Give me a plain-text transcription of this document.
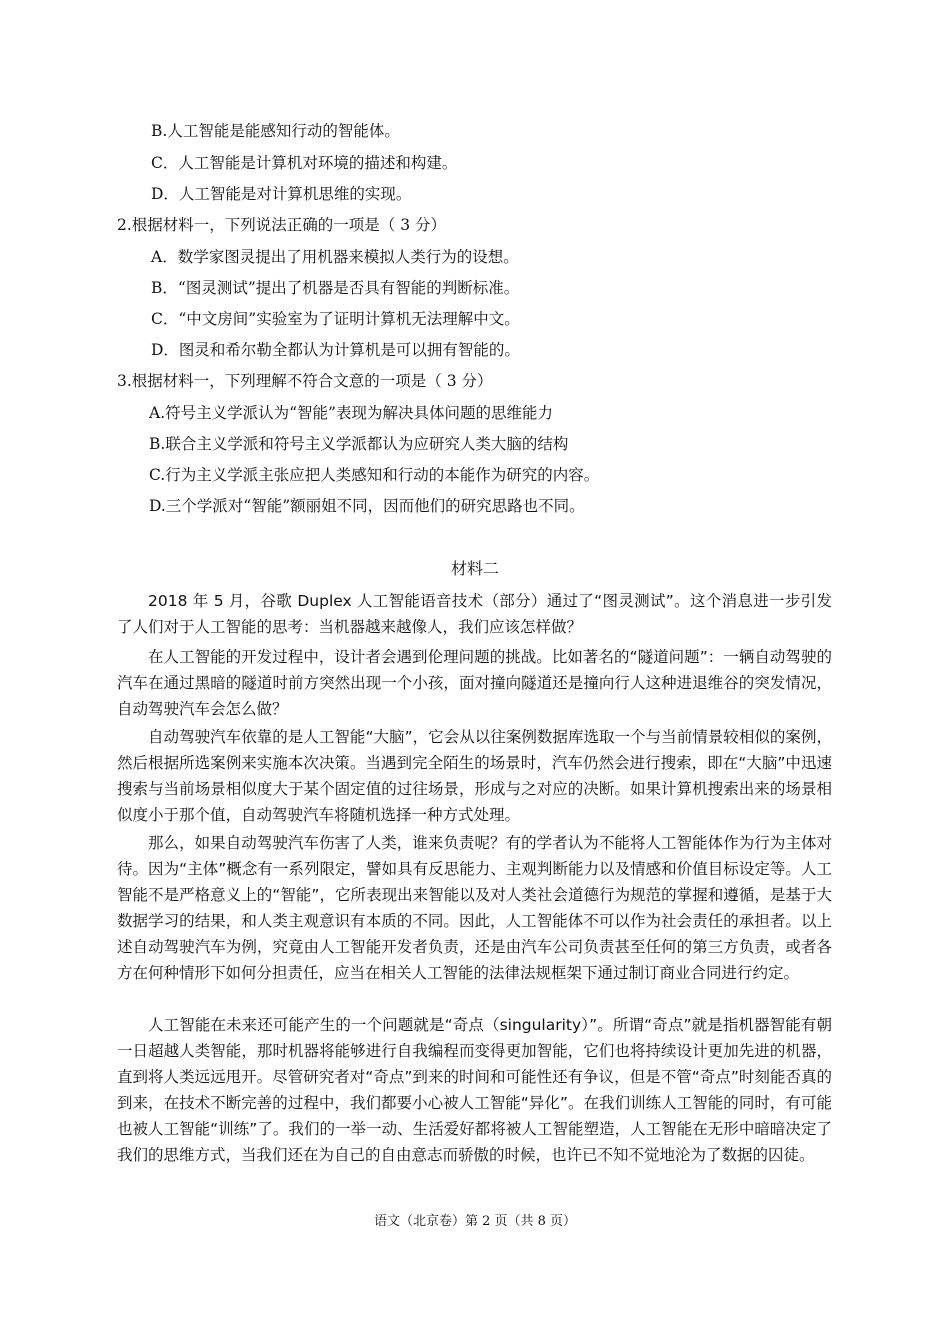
B.人工智能是能感知行动的智能体。
C．人工智能是计算机对环境的描述和构建。
D．人工智能是对计算机思维的实现。
2.根据材料一，下列说法正确的一项是（ 3 分）
A．数学家图灵提出了用机器来模拟人类行为的设想。
B．“图灵测试”提出了机器是否具有智能的判断标准。
C．“中文房间”实验室为了证明计算机无法理解中文。
D．图灵和希尔勒全都认为计算机是可以拥有智能的。
3.根据材料一，下列理解不符合文意的一项是（ 3 分）
A.符号主义学派认为“智能”表现为解决具体问题的思维能力
B.联合主义学派和符号主义学派都认为应研究人类大脑的结构
C.行为主义学派主张应把人类感知和行动的本能作为研究的内容。
D.三个学派对“智能”额丽姐不同，因而他们的研究思路也不同。
材料二

2018 年 5 月，谷歌 Duplex 人工智能语音技术（部分）通过了“图灵测试”。这个消息进一步引发了人们对于人工智能的思考：当机器越来越像人，我们应该怎样做？

在人工智能的开发过程中，设计者会遇到伦理问题的挑战。比如著名的“隧道问题”：一辆自动驾驶的汽车在通过黑暗的隧道时前方突然出现一个小孩，面对撞向隧道还是撞向行人这种进退维谷的突发情况，自动驾驶汽车会怎么做？

自动驾驶汽车依靠的是人工智能“大脑”，它会从以往案例数据库选取一个与当前情景较相似的案例，然后根据所选案例来实施本次决策。当遇到完全陌生的场景时，汽车仍然会进行搜索，即在“大脑”中迅速搜索与当前场景相似度大于某个固定值的过往场景，形成与之对应的决断。如果计算机搜索出来的场景相似度小于那个值，自动驾驶汽车将随机选择一种方式处理。

那么，如果自动驾驶汽车伤害了人类，谁来负责呢？有的学者认为不能将人工智能体作为行为主体对待。因为“主体”概念有一系列限定，譬如具有反思能力、主观判断能力以及情感和价值目标设定等。人工智能不是严格意义上的“智能”，它所表现出来智能以及对人类社会道德行为规范的掌握和遵循，是基于大数据学习的结果，和人类主观意识有本质的不同。因此，人工智能体不可以作为社会责任的承担者。以上述自动驾驶汽车为例，究竟由人工智能开发者负责，还是由汽车公司负责甚至任何的第三方负责，或者各方在何种情形下如何分担责任，应当在相关人工智能的法律法规框架下通过制订商业合同进行约定。

人工智能在未来还可能产生的一个问题就是“奇点（singularity）”。所谓“奇点”就是指机器智能有朝一日超越人类智能，那时机器将能够进行自我编程而变得更加智能，它们也将持续设计更加先进的机器，直到将人类远远甩开。尽管研究者对“奇点”到来的时间和可能性还有争议，但是不管“奇点”时刻能否真的到来，在技术不断完善的过程中，我们都要小心被人工智能“异化”。在我们训练人工智能的同时，有可能也被人工智能“训练”了。我们的一举一动、生活爱好都将被人工智能塑造，人工智能在无形中暗暗决定了我们的思维方式，当我们还在为自己的自由意志而骄傲的时候，也许已不知不觉地沦为了数据的囚徒。

语文（北京卷）第 2 页（共 8 页）
